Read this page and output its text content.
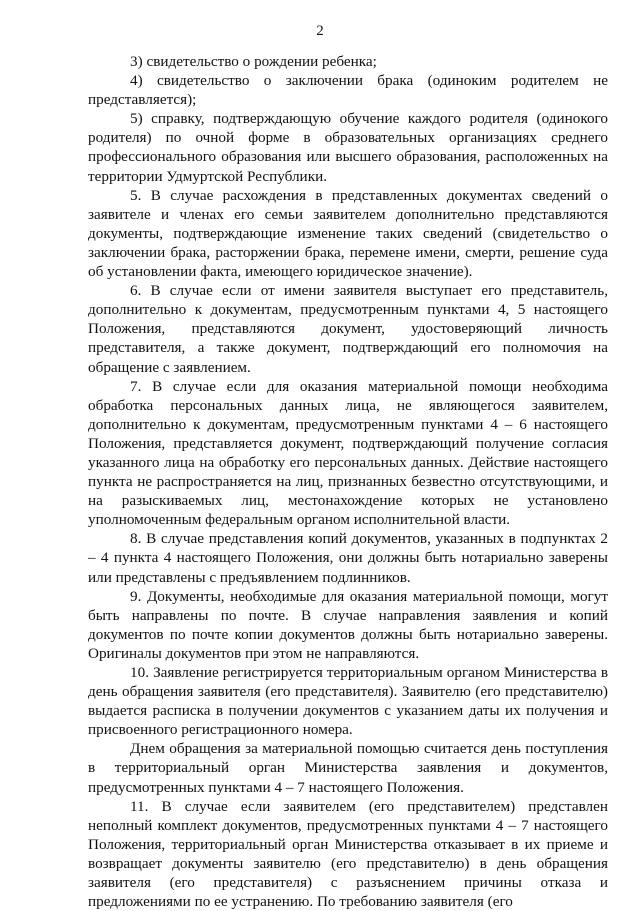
2

3) свидетельство о рождении ребенка;

4) свидетельство о заключении брака (одиноким родителем не представляется);

5) справку, подтверждающую обучение каждого родителя (одинокого родителя) по очной форме в образовательных организациях среднего профессионального образования или высшего образования, расположенных на территории Удмуртской Республики.

5. В случае расхождения в представленных документах сведений о заявителе и членах его семьи заявителем дополнительно представляются документы, подтверждающие изменение таких сведений (свидетельство о заключении брака, расторжении брака, перемене имени, смерти, решение суда об установлении факта, имеющего юридическое значение).

6. В случае если от имени заявителя выступает его представитель, дополнительно к документам, предусмотренным пунктами 4, 5 настоящего Положения, представляются документ, удостоверяющий личность представителя, а также документ, подтверждающий его полномочия на обращение с заявлением.

7. В случае если для оказания материальной помощи необходима обработка персональных данных лица, не являющегося заявителем, дополнительно к документам, предусмотренным пунктами 4 – 6 настоящего Положения, представляется документ, подтверждающий получение согласия указанного лица на обработку его персональных данных. Действие настоящего пункта не распространяется на лиц, признанных безвестно отсутствующими, и на разыскиваемых лиц, местонахождение которых не установлено уполномоченным федеральным органом исполнительной власти.

8. В случае представления копий документов, указанных в подпунктах 2 – 4 пункта 4 настоящего Положения, они должны быть нотариально заверены или представлены с предъявлением подлинников.

9. Документы, необходимые для оказания материальной помощи, могут быть направлены по почте. В случае направления заявления и копий документов по почте копии документов должны быть нотариально заверены. Оригиналы документов при этом не направляются.

10. Заявление регистрируется территориальным органом Министерства в день обращения заявителя (его представителя). Заявителю (его представителю) выдается расписка в получении документов с указанием даты их получения и присвоенного регистрационного номера.

Днем обращения за материальной помощью считается день поступления в территориальный орган Министерства заявления и документов, предусмотренных пунктами 4 – 7 настоящего Положения.

11. В случае если заявителем (его представителем) представлен неполный комплект документов, предусмотренных пунктами 4 – 7 настоящего Положения, территориальный орган Министерства отказывает в их приеме и возвращает документы заявителю (его представителю) в день обращения заявителя (его представителя) с разъяснением причины отказа и предложениями по ее устранению. По требованию заявителя (его
